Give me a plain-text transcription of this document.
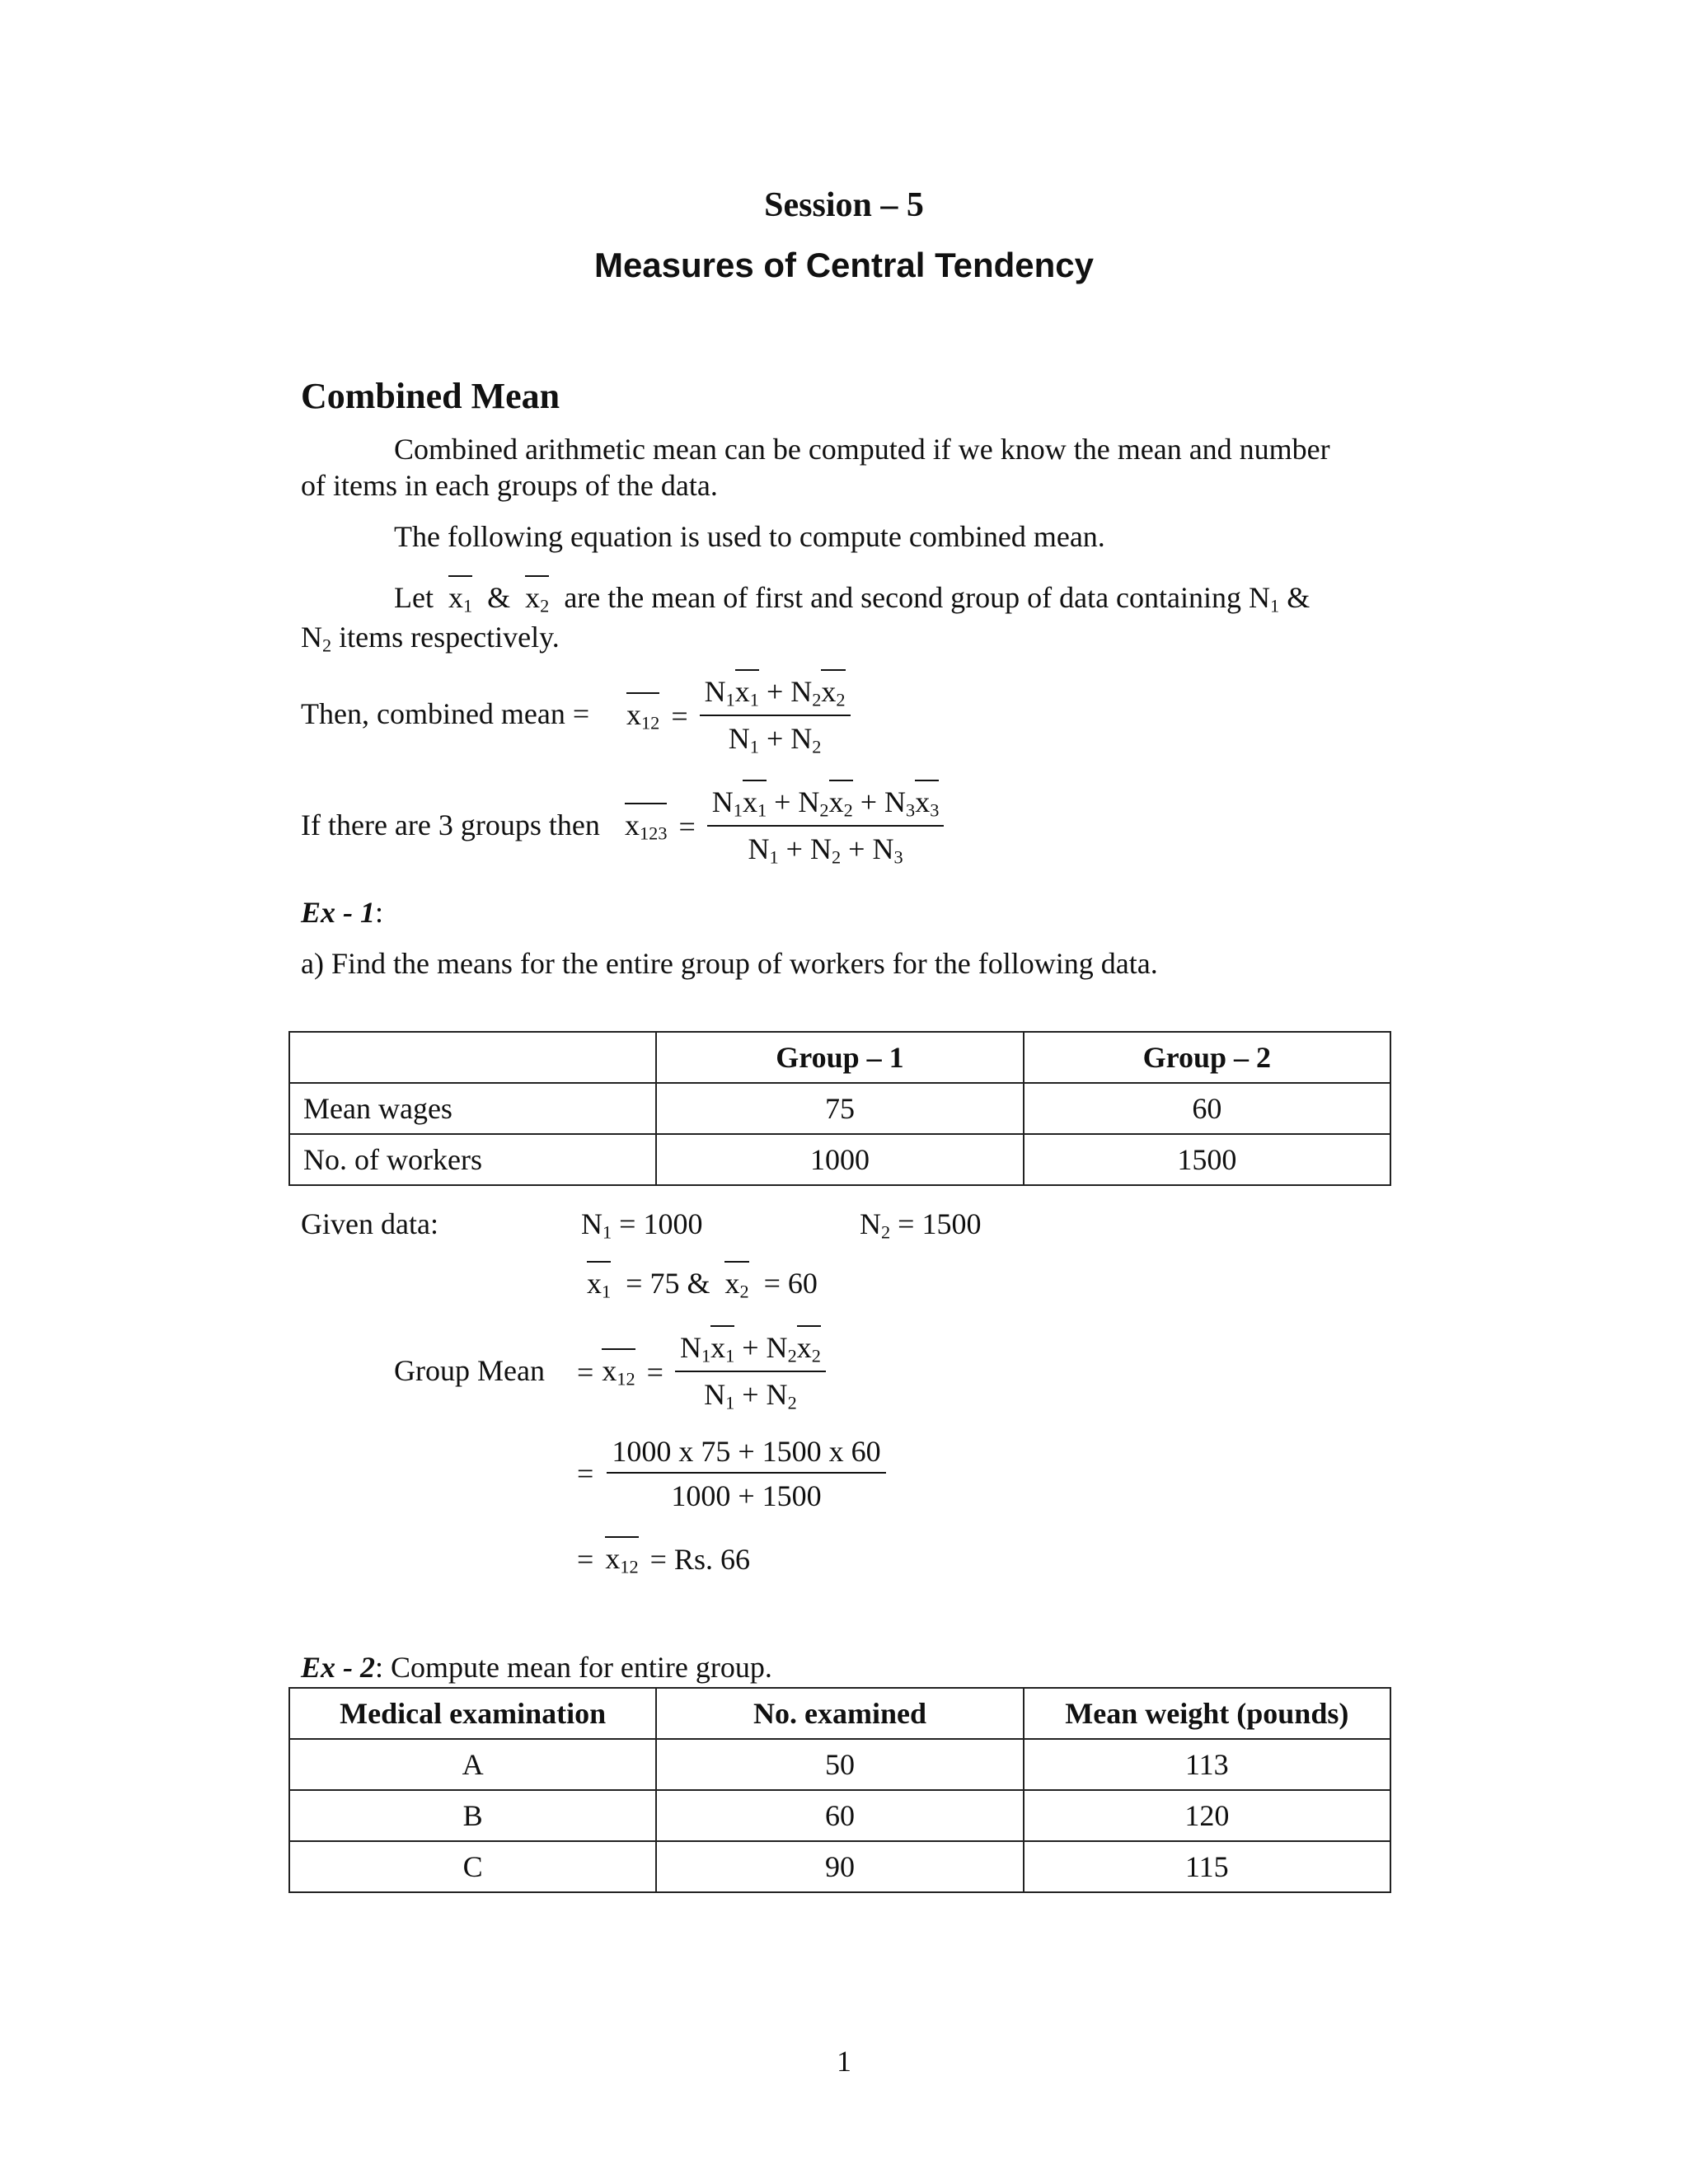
Session – 5
Measures of Central Tendency
Combined Mean
Combined arithmetic mean can be computed if we know the mean and number
of items in each groups of the data.
The following equation is used to compute combined mean.
Let $x_1$ & $x_2$ are the mean of first and second group of data containing $N_1$ &
$N_2$ items respectively.
Then, combined mean = $x_{12} = \frac{N_1x_1 + N_2x_2}{N_1 + N_2}$
If there are 3 groups then $x_{123} = \frac{N_1x_1 + N_2x_2 + N_3x_3}{N_1 + N_2 + N_3}$
Ex - 1:
a) Find the means for the entire group of workers for the following data.
	Group – 1	Group – 2
Mean wages	75	60
No. of workers	1000	1500
Given data:	$N_1 = 1000$	$N_2 = 1500$
$x_1 = 75$ & $x_2 = 60$
Group Mean = $x_{12} = \frac{N_1x_1 + N_2x_2}{N_1 + N_2}$
= $\frac{1000 x 75 + 1500 x 60}{1000 + 1500}$
= $x_{12} = Rs$. 66
Ex - 2: Compute mean for entire group.
Medical examination	No. examined	Mean weight (pounds)
A	50	113
B	60	120
C	90	115
1
